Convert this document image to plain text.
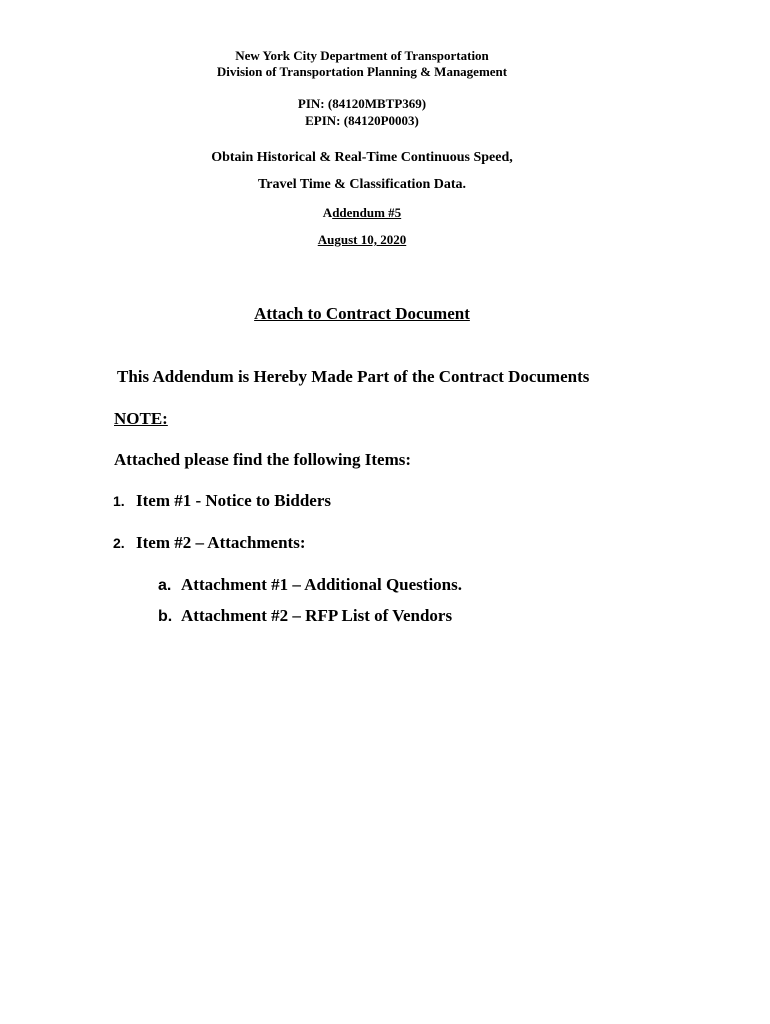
New York City Department of Transportation
Division of Transportation Planning & Management
PIN: (84120MBTP369)
EPIN: (84120P0003)
Obtain Historical & Real-Time Continuous Speed,
Travel Time & Classification Data.
Addendum #5
August 10, 2020
Attach to Contract Document
This Addendum is Hereby Made Part of the Contract Documents
NOTE:
Attached please find the following Items:
1. Item #1 - Notice to Bidders
2. Item #2 – Attachments:
a. Attachment #1 – Additional Questions.
b. Attachment #2 – RFP List of Vendors
